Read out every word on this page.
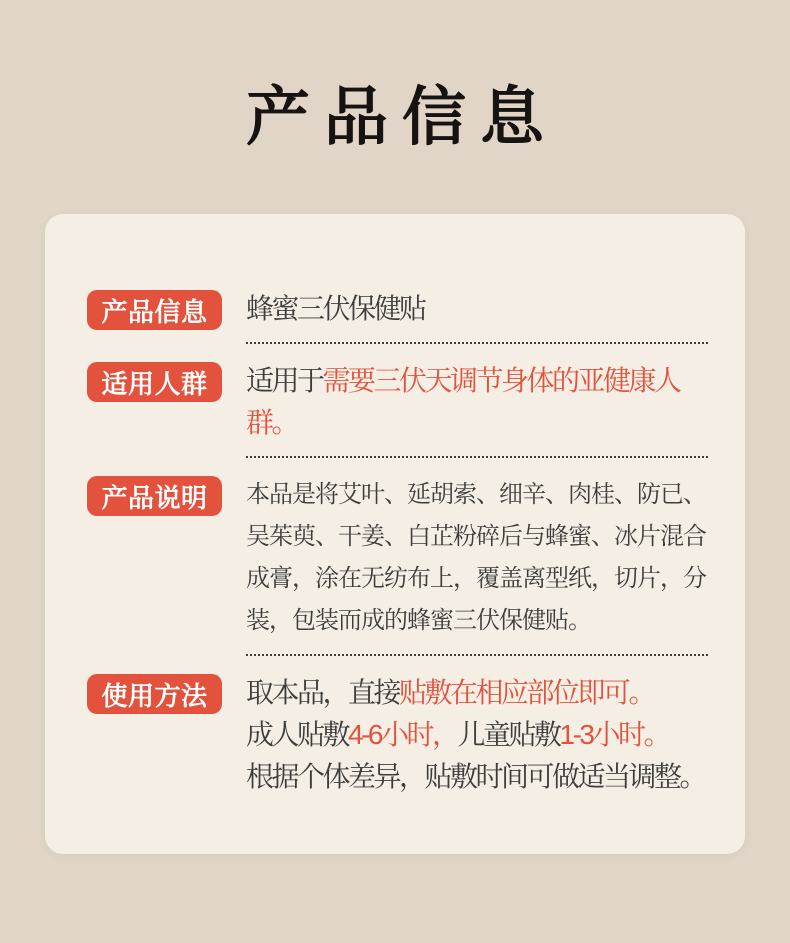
产品信息
产品信息	蜂蜜三伏保健贴
适用人群	适用于需要三伏天调节身体的亚健康人群。
产品说明	本品是将艾叶、延胡索、细辛、肉桂、防已、吴茱萸、干姜、白芷粉碎后与蜂蜜、冰片混合成膏，涂在无纺布上，覆盖离型纸，切片，分装，包装而成的蜂蜜三伏保健贴。
使用方法	取本品，直接贴敷在相应部位即可。
成人贴敷4-6小时，儿童贴敷1-3小时。
根据个体差异，贴敷时间可做适当调整。
